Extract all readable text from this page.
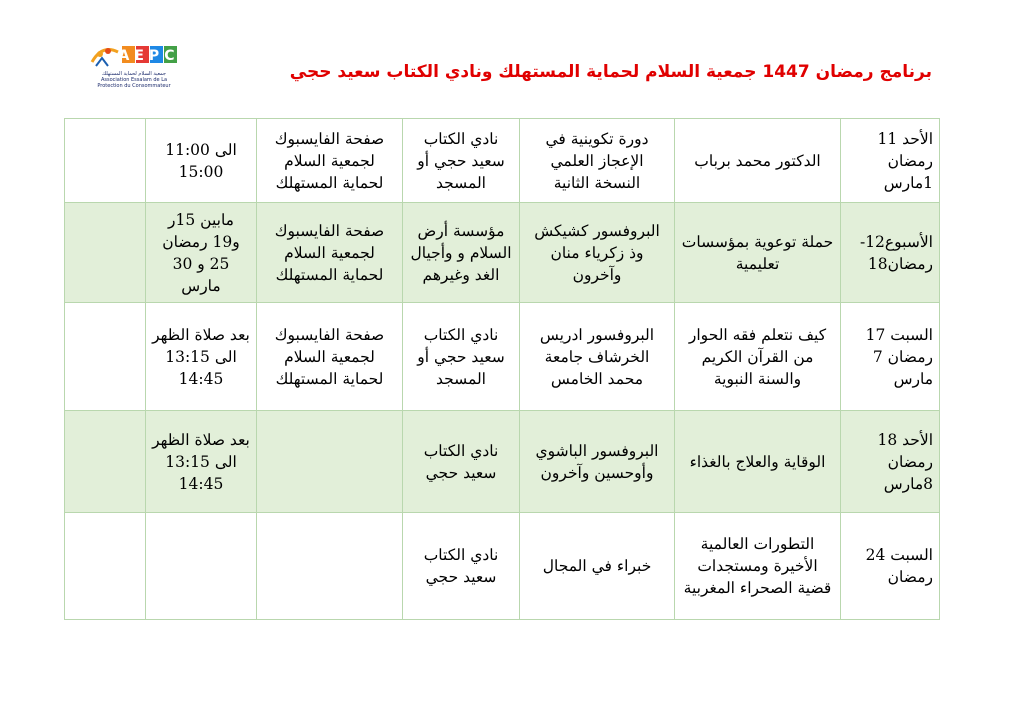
AEPC
جمعية السلام لحماية المستهلك
Association Essalam de La Protection du Consommateur
برنامج رمضان 1447 جمعية السلام لحماية المستهلك ونادي الكتاب سعيد حجي
الأحد 11 رمضان 1مارس	الدكتور محمد برباب	دورة تكوينية في الإعجاز العلمي النسخة الثانية	نادي الكتاب سعيد حجي أو المسجد	صفحة الفايسبوك لجمعية السلام لحماية المستهلك	الى 11:00 15:00	
الأسبوع12- رمضان18	حملة توعوية بمؤسسات تعليمية	البروفسور كشيكش وذ زكرياء منان وآخرون	مؤسسة أرض السلام و وأجيال الغد وغيرهم	صفحة الفايسبوك لجمعية السلام لحماية المستهلك	مابين 15ر و19 رمضان 25 و 30 مارس	
السبت 17 رمضان 7 مارس	كيف نتعلم فقه الحوار من القرآن الكريم والسنة النبوية	البروفسور ادريس الخرشاف جامعة محمد الخامس	نادي الكتاب سعيد حجي أو المسجد	صفحة الفايسبوك لجمعية السلام لحماية المستهلك	بعد صلاة الظهر الى 13:15 14:45	
الأحد 18 رمضان 8مارس	الوقاية والعلاج بالغذاء	البروفسور الباشوي وأوحسين وآخرون	نادي الكتاب سعيد حجي		بعد صلاة الظهر الى 13:15 14:45	
السبت 24 رمضان	التطورات العالمية الأخيرة ومستجدات قضية الصحراء المغربية	خبراء في المجال	نادي الكتاب سعيد حجي			
